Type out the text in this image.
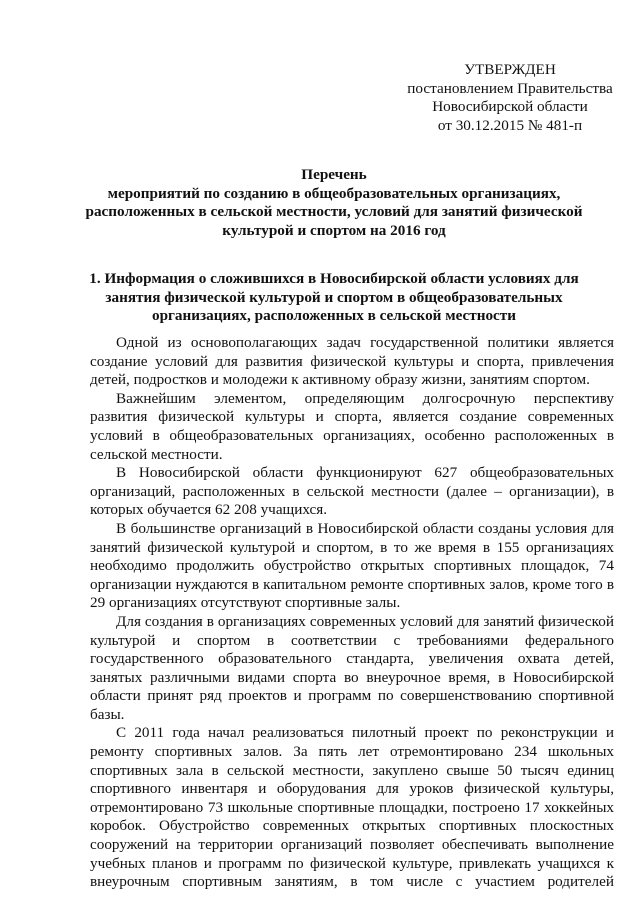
УТВЕРЖДЕН
постановлением Правительства
Новосибирской области
от 30.12.2015 № 481-п
Перечень
мероприятий по созданию в общеобразовательных организациях,
расположенных в сельской местности, условий для занятий физической
культурой и спортом на 2016 год
1. Информация о сложившихся в Новосибирской области условиях для
занятия физической культурой и спортом в общеобразовательных
организациях, расположенных в сельской местности

Одной из основополагающих задач государственной политики является создание условий для развития физической культуры и спорта, привлечения детей, подростков и молодежи к активному образу жизни, занятиям спортом.

Важнейшим элементом, определяющим долгосрочную перспективу развития физической культуры и спорта, является создание современных условий в общеобразовательных организациях, особенно расположенных в сельской местности.

В Новосибирской области функционируют 627 общеобразовательных организаций, расположенных в сельской местности (далее – организации), в которых обучается 62 208 учащихся.

В большинстве организаций в Новосибирской области созданы условия для занятий физической культурой и спортом, в то же время в 155 организациях необходимо продолжить обустройство открытых спортивных площадок, 74 организации нуждаются в капитальном ремонте спортивных залов, кроме того в 29 организациях отсутствуют спортивные залы.

Для создания в организациях современных условий для занятий физической культурой и спортом в соответствии с требованиями федерального государственного образовательного стандарта, увеличения охвата детей, занятых различными видами спорта во внеурочное время, в Новосибирской области принят ряд проектов и программ по совершенствованию спортивной базы.

С 2011 года начал реализоваться пилотный проект по реконструкции и ремонту спортивных залов. За пять лет отремонтировано 234 школьных спортивных зала в сельской местности, закуплено свыше 50 тысяч единиц спортивного инвентаря и оборудования для уроков физической культуры, отремонтировано 73 школьные спортивные площадки, построено 17 хоккейных коробок. Обустройство современных открытых спортивных плоскостных сооружений на территории организаций позволяет обеспечивать выполнение учебных планов и программ по физической культуре, привлекать учащихся к внеурочным спортивным занятиям, в том числе с участием родителей
